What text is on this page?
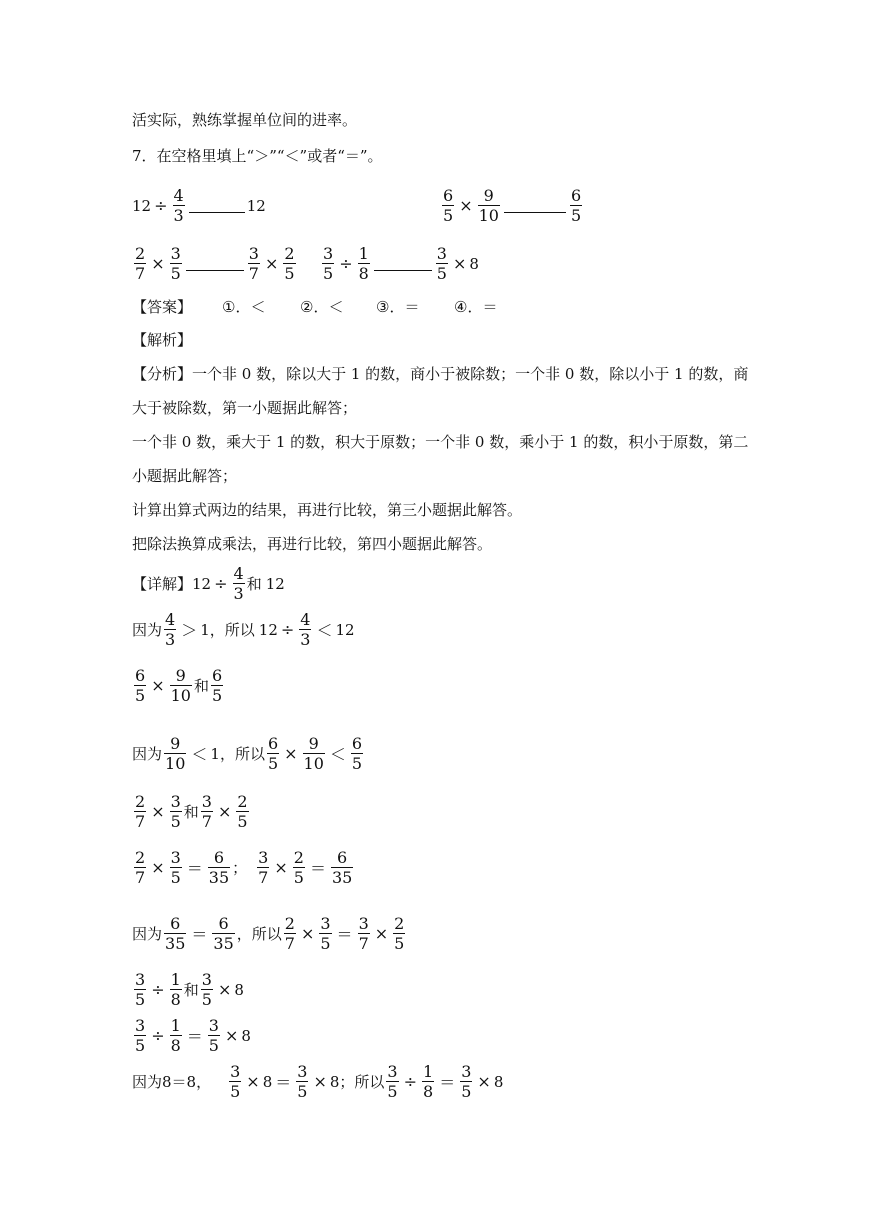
活实际，熟练掌握单位间的进率。
7．在空格里填上“＞”“＜”或者“＝”。
$12 \div \frac{4}{3}$	12	$\frac{6}{5} \times \frac{9}{10}$	$\frac{6}{5}$
$\frac{2}{7} \times \frac{3}{5}$	$\frac{3}{7} \times \frac{2}{5} \frac{3}{5} \div \frac{1}{8}$	$\frac{3}{5} \times 8$
【答案】 ①．＜ ②．＜ ③．＝ ④．＝
【解析】
【分析】一个非 0 数，除以大于 1 的数，商小于被除数；一个非 0 数，除以小于 1 的数，商
大于被除数，第一小题据此解答；
一个非 0 数，乘大于 1 的数，积大于原数；一个非 0 数，乘小于 1 的数，积小于原数，第二
小题据此解答；
计算出算式两边的结果，再进行比较，第三小题据此解答。
把除法换算成乘法，再进行比较，第四小题据此解答。
【详解】 $12 \div \frac{4}{3}$ 和 12
因为 $\frac{4}{3} > 1$ ，所以 $12 \div \frac{4}{3} < 12$
$\frac{6}{5} \times \frac{9}{10}$ 和 $\frac{6}{5}$
因为 $\frac{9}{10} < 1$ ，所以 $\frac{6}{5} \times \frac{9}{10} < \frac{6}{5}$
$\frac{2}{7} \times \frac{3}{5}$ 和 $\frac{3}{7} \times \frac{2}{5}$
$\frac{2}{7} \times \frac{3}{5} = \frac{6}{35}$ ； $\frac{3}{7} \times \frac{2}{5} = \frac{6}{35}$
因为 $\frac{6}{35} = \frac{6}{35}$ ，所以 $\frac{2}{7} \times \frac{3}{5} = \frac{3}{7} \times \frac{2}{5}$
$\frac{3}{5} \div \frac{1}{8}$ 和 $\frac{3}{5} \times 8$
$\frac{3}{5} \div \frac{1}{8} = \frac{3}{5} \times 8$
因为 8＝8， $\frac{3}{5} \times 8 = \frac{3}{5} \times 8$ ；所以 $\frac{3}{5} \div \frac{1}{8} = \frac{3}{5} \times 8$
